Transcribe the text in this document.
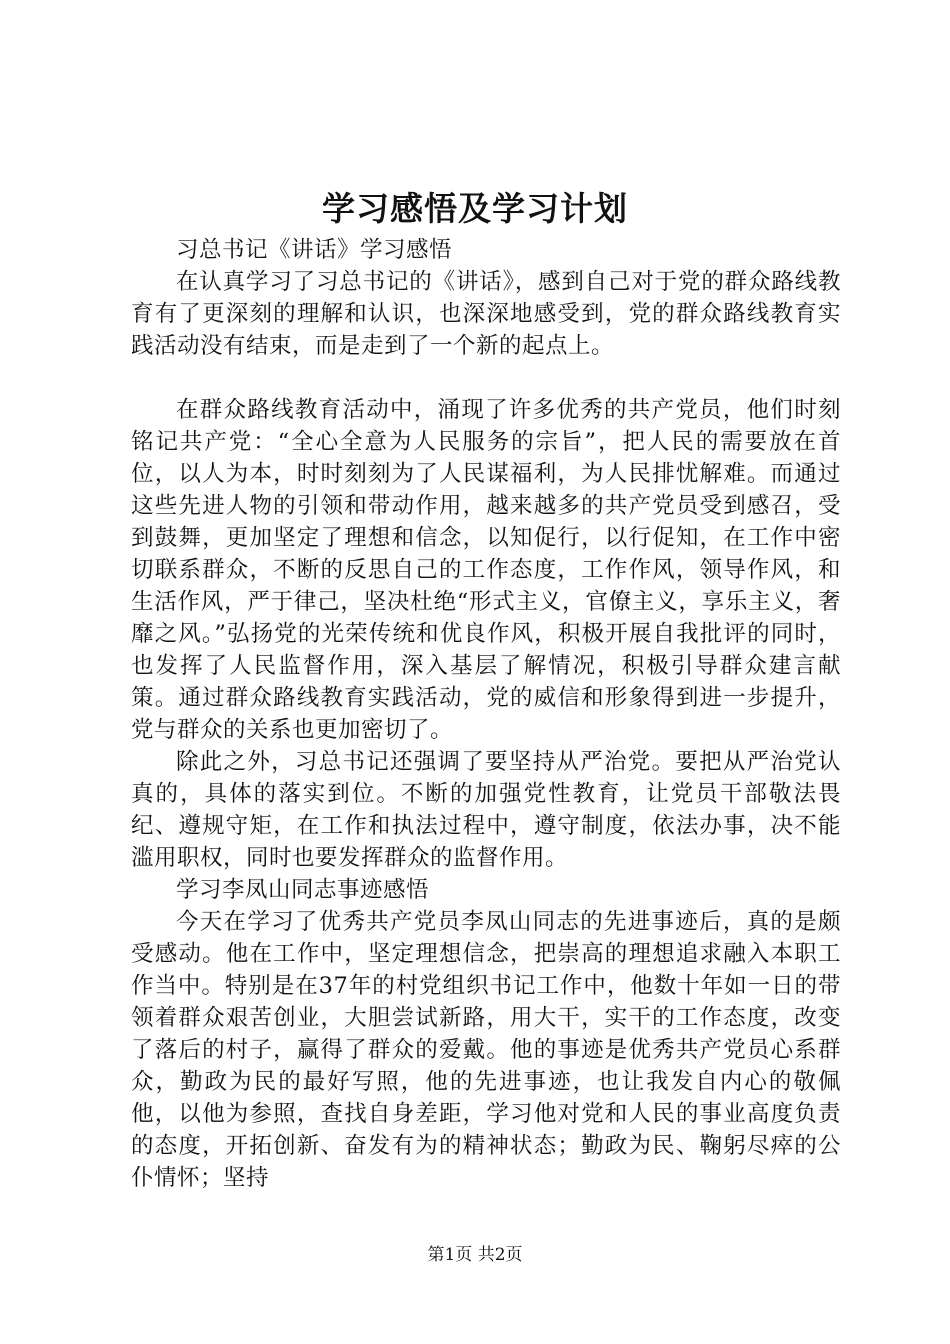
学习感悟及学习计划

习总书记《讲话》学习感悟

在认真学习了习总书记的《讲话》，感到自己对于党的群众路线教育有了更深刻的理解和认识，也深深地感受到，党的群众路线教育实践活动没有结束，而是走到了一个新的起点上。

在群众路线教育活动中，涌现了许多优秀的共产党员，他们时刻铭记共产党：“全心全意为人民服务的宗旨”，把人民的需要放在首位，以人为本，时时刻刻为了人民谋福利，为人民排忧解难。而通过这些先进人物的引领和带动作用，越来越多的共产党员受到感召，受到鼓舞，更加坚定了理想和信念，以知促行，以行促知，在工作中密切联系群众，不断的反思自己的工作态度，工作作风，领导作风，和生活作风，严于律己，坚决杜绝“形式主义，官僚主义，享乐主义，奢靡之风。”弘扬党的光荣传统和优良作风，积极开展自我批评的同时，也发挥了人民监督作用，深入基层了解情况，积极引导群众建言献策。通过群众路线教育实践活动，党的威信和形象得到进一步提升，党与群众的关系也更加密切了。

除此之外，习总书记还强调了要坚持从严治党。要把从严治党认真的，具体的落实到位。不断的加强党性教育，让党员干部敬法畏纪、遵规守矩，在工作和执法过程中，遵守制度，依法办事，决不能滥用职权，同时也要发挥群众的监督作用。

学习李凤山同志事迹感悟

今天在学习了优秀共产党员李凤山同志的先进事迹后，真的是颇受感动。他在工作中，坚定理想信念，把崇高的理想追求融入本职工作当中。特别是在37年的村党组织书记工作中，他数十年如一日的带领着群众艰苦创业，大胆尝试新路，用大干，实干的工作态度，改变了落后的村子，赢得了群众的爱戴。他的事迹是优秀共产党员心系群众，勤政为民的最好写照，他的先进事迹，也让我发自内心的敬佩他，以他为参照，查找自身差距，学习他对党和人民的事业高度负责的态度，开拓创新、奋发有为的精神状态；勤政为民、鞠躬尽瘁的公仆情怀；坚持

第1页 共2页
